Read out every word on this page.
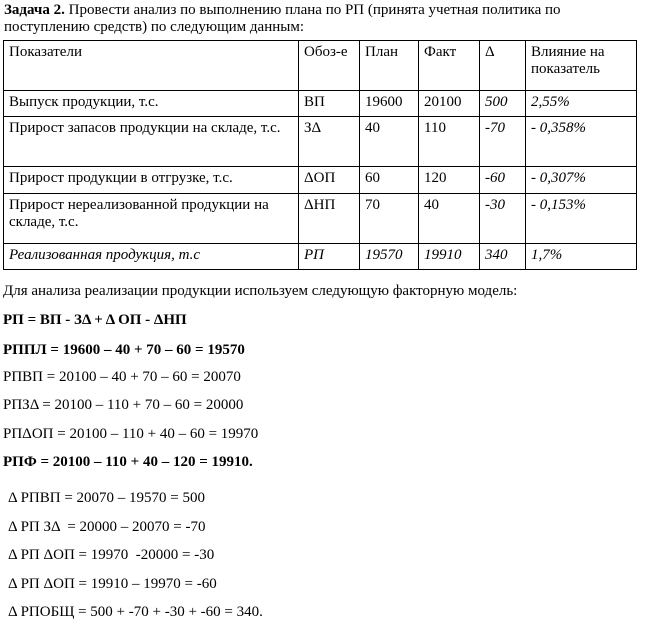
Задача 2. Провести анализ по выполнению плана по РП (принята учетная политика по поступлению средств) по следующим данным:
Показатели	Обоз-е	План	Факт	Δ	Влияние на показатель
Выпуск продукции, т.с.	ВП	19600	20100	500	2,55%
Прирост запасов продукции на складе, т.с.	ЗΔ	40	110	-70	- 0,358%
Прирост продукции в отгрузке, т.с.	ΔОП	60	120	-60	- 0,307%
Прирост нереализованной продукции на складе, т.с.	ΔНП	70	40	-30	- 0,153%
Реализованная продукция, т.с	РП	19570	19910	340	1,7%
Для анализа реализации продукции используем следующую факторную модель:
РП = ВП - ЗΔ + Δ ОП - ΔНП
РППЛ = 19600 – 40 + 70 – 60 = 19570
РПВП = 20100 – 40 + 70 – 60 = 20070
РПЗΔ = 20100 – 110 + 70 – 60 = 20000
РПΔОП = 20100 – 110 + 40 – 60 = 19970
РПФ = 20100 – 110 + 40 – 120 = 19910.
Δ РПВП = 20070 – 19570 = 500
Δ РП ЗΔ  = 20000 – 20070 = -70
Δ РП ΔОП = 19970  -20000 = -30
Δ РП ΔОП = 19910 – 19970 = -60
Δ РПОБЩ = 500 + -70 + -30 + -60 = 340.
